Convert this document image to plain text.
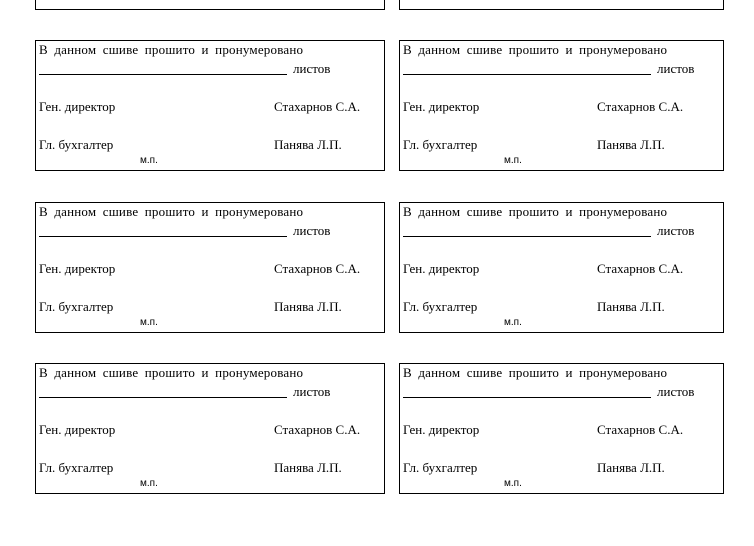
В данном сшиве прошито и пронумеровано
листов
Ген. директор	Стахарнов С.А.
Гл. бухгалтер	Панява Л.П.
м.п.
В данном сшиве прошито и пронумеровано
листов
Ген. директор	Стахарнов С.А.
Гл. бухгалтер	Панява Л.П.
м.п.
В данном сшиве прошито и пронумеровано
листов
Ген. директор	Стахарнов С.А.
Гл. бухгалтер	Панява Л.П.
м.п.
В данном сшиве прошито и пронумеровано
листов
Ген. директор	Стахарнов С.А.
Гл. бухгалтер	Панява Л.П.
м.п.
В данном сшиве прошито и пронумеровано
листов
Ген. директор	Стахарнов С.А.
Гл. бухгалтер	Панява Л.П.
м.п.
В данном сшиве прошито и пронумеровано
листов
Ген. директор	Стахарнов С.А.
Гл. бухгалтер	Панява Л.П.
м.п.
